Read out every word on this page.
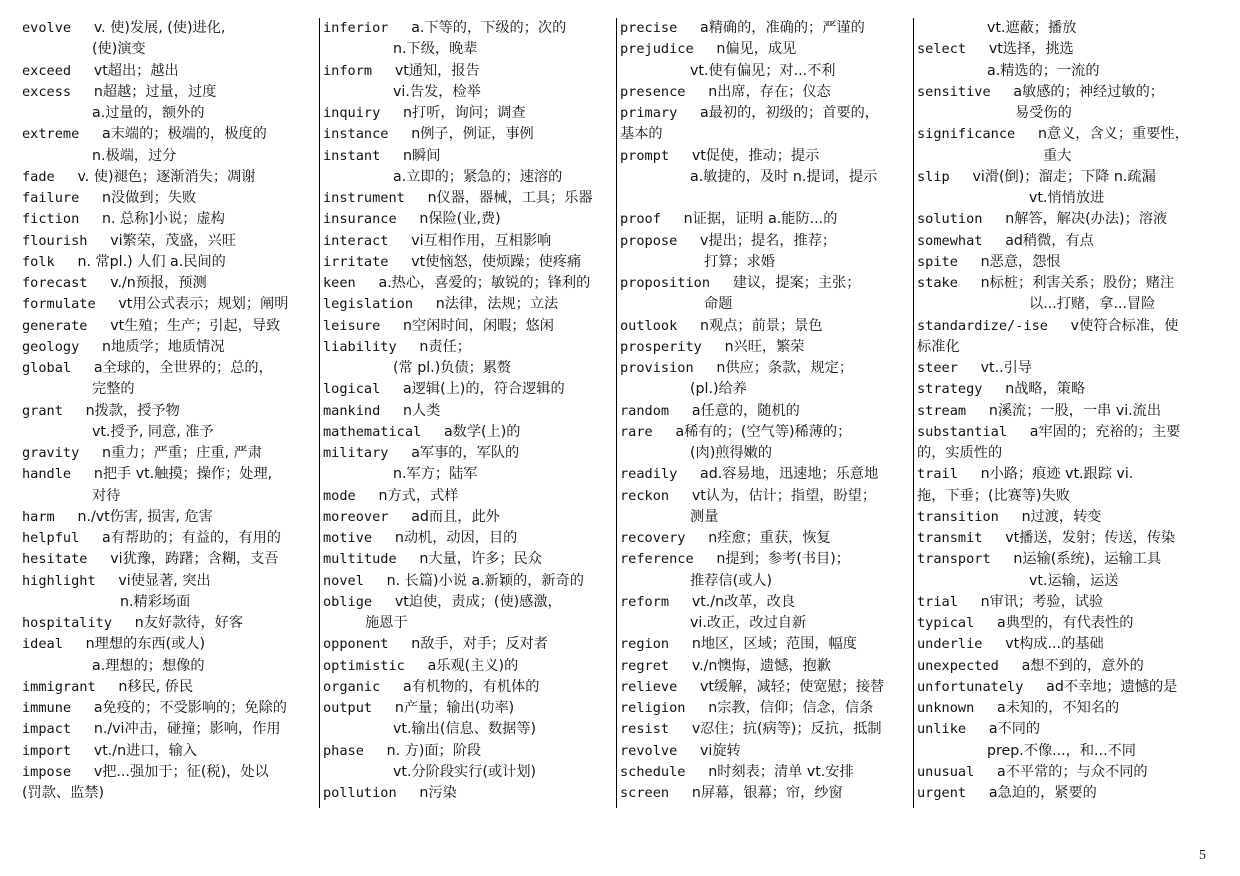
evolve v. 使)发展, (使)进化,
(使)演变
exceed vt超出；越出
excess n超越；过量，过度
a.过量的，额外的
extreme a末端的；极端的，极度的
n.极端，过分
fade v. 使)褪色；逐渐消失；凋谢
failure n没做到；失败
fiction n. 总称]小说；虚构
flourish vi繁荣，茂盛，兴旺
folk n. 常pl.) 人们 a.民间的
forecast v./n预报，预测
formulate vt用公式表示；规划；阐明
generate vt生殖；生产；引起，导致
geology n地质学；地质情况
global a全球的，全世界的；总的，
完整的
grant n拨款，授予物
vt.授予, 同意, 准予
gravity n重力；严重；庄重, 严肃
handle n把手 vt.触摸；操作；处理,
对待
harm n./vt伤害, 损害, 危害
helpful a有帮助的；有益的，有用的
hesitate vi犹豫，踌躇；含糊，支吾
highlight vi使显著, 突出
n.精彩场面
hospitality n友好款待，好客
ideal n理想的东西(或人)
a.理想的；想像的
immigrant n移民, 侨民
immune a免疫的；不受影响的；免除的
impact n./vi冲击，碰撞；影响，作用
import vt./n进口，输入
impose v把...强加于；征(税)，处以
(罚款、监禁)
inferior a.下等的，下级的；次的
n.下级，晚辈
inform vt通知，报告
vi.告发，检举
inquiry n打听，询问；调查
instance n例子，例证，事例
instant n瞬间
a.立即的；紧急的；速溶的
instrument n仪器，器械，工具；乐器
insurance n保险(业,费)
interact vi互相作用，互相影响
irritate vt使恼怒，使烦躁；使疼痛
keen a.热心，喜爱的；敏锐的；锋利的
legislation n法律，法规；立法
leisure n空闲时间，闲暇；悠闲
liability n责任；
(常 pl.)负债；累赘
logical a逻辑(上)的，符合逻辑的
mankind n人类
mathematical a数学(上)的
military a军事的，军队的
n.军方；陆军
mode n方式，式样
moreover ad而且，此外
motive n动机，动因，目的
multitude n大量，许多；民众
novel n. 长篇)小说 a.新颖的，新奇的
oblige vt迫使，责成；(使)感激，
施恩于
opponent n敌手，对手；反对者
optimistic a乐观(主义)的
organic a有机物的，有机体的
output n产量；输出(功率)
vt.输出(信息、数据等)
phase n. 方)面；阶段
vt.分阶段实行(或计划)
pollution n污染
precise a精确的，准确的；严谨的
prejudice n偏见，成见
vt.使有偏见；对...不利
presence n出席，存在；仪态
primary a最初的，初级的；首要的，
基本的
prompt vt促使，推动；提示
a.敏捷的，及时 n.提词，提示
proof n证据，证明 a.能防...的
propose v提出；提名，推荐；
打算；求婚
proposition 建议，提案；主张；
命题
outlook n观点；前景；景色
prosperity n兴旺，繁荣
provision n供应；条款，规定；
(pl.)给养
random a任意的，随机的
rare a稀有的；(空气等)稀薄的；
(肉)煎得嫩的
readily ad.容易地，迅速地；乐意地
reckon vt认为，估计；指望，盼望；
测量
recovery n痊愈；重获，恢复
reference n提到；参考(书目)；
推荐信(或人)
reform vt./n改革，改良
vi.改正，改过自新
region n地区，区域；范围，幅度
regret v./n懊悔，遗憾，抱歉
relieve vt缓解，减轻；使宽慰；接替
religion n宗教，信仰；信念，信条
resist v忍住；抗(病等)；反抗，抵制
revolve vi旋转
schedule n时刻表；清单 vt.安排
screen n屏幕，银幕；帘，纱窗
vt.遮蔽；播放
select vt选择，挑选
a.精选的；一流的
sensitive a敏感的；神经过敏的；
易受伤的
significance n意义，含义；重要性，
重大
slip vi滑(倒)；溜走；下降 n.疏漏
vt.悄悄放进
solution n解答，解决(办法)；溶液
somewhat ad稍微，有点
spite n恶意，怨恨
stake n标桩；利害关系；股份；赌注
以...打赌，拿...冒险
standardize/-ise v使符合标准，使
标准化
steer vt..引导
strategy n战略，策略
stream n溪流；一股，一串 vi.流出
substantial a牢固的；充裕的；主要
的，实质性的
trail n小路；痕迹 vt.跟踪 vi.
拖，下垂；(比赛等)失败
transition n过渡，转变
transmit vt播送，发射；传送，传染
transport n运输(系统)，运输工具
vt.运输，运送
trial n审讯；考验，试验
typical a典型的，有代表性的
underlie vt构成...的基础
unexpected a想不到的，意外的
unfortunately ad不幸地；遗憾的是
unknown a未知的，不知名的
unlike a不同的
prep.不像...，和...不同
unusual a不平常的；与众不同的
urgent a急迫的，紧要的
5
